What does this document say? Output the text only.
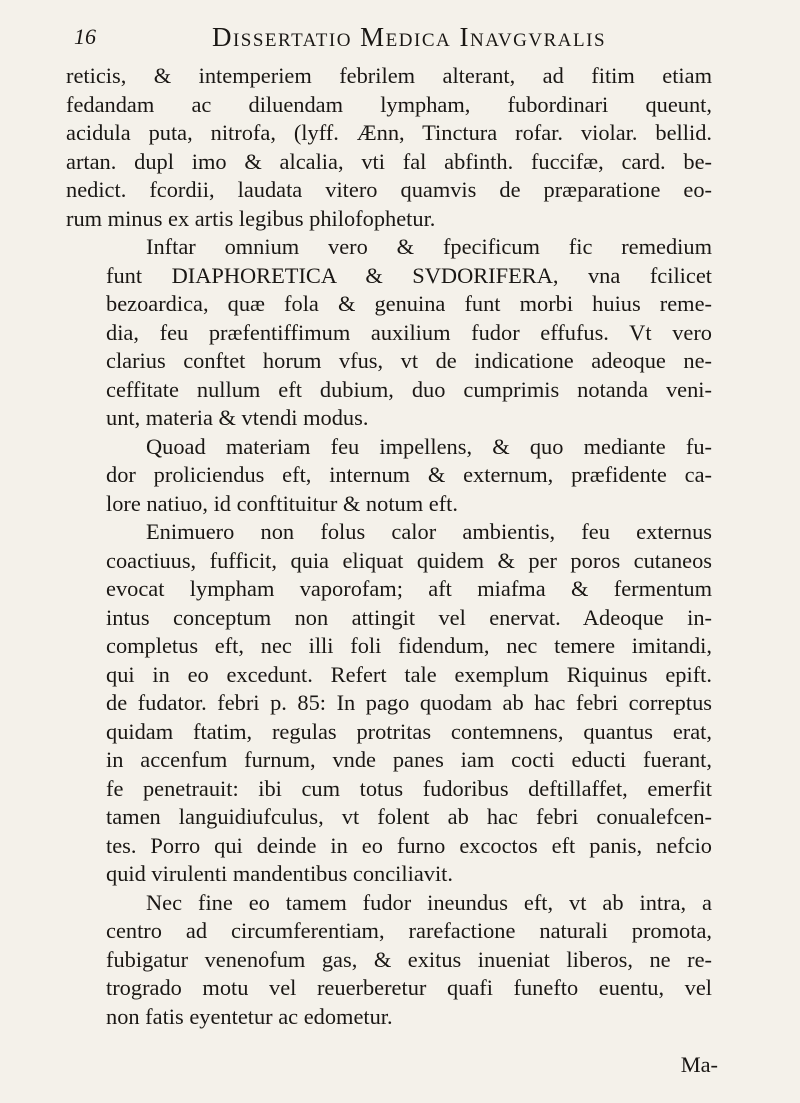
16	Dissertatio Medica Inavgvralis
reticis, & intemperiem febrilem alterant, ad fitim etiam
fedandam ac diluendam lympham, fubordinari queunt,
acidula puta, nitrofa, (lyff. Ænn, Tinctura rofar. violar. bellid.
artan. dupl imo & alcalia, vti fal abfinth. fuccifæ, card. be-
nedict. fcordii, laudata vitero quamvis de præparatione eo-
rum minus ex artis legibus philofophetur.
Inftar omnium vero & fpecificum fic remedium
funt DIAPHORETICA & SVDORIFERA, vna fcilicet
bezoardica, quæ fola & genuina funt morbi huius reme-
dia, feu præfentiffimum auxilium fudor effufus. Vt vero
clarius conftet horum vfus, vt de indicatione adeoque ne-
ceffitate nullum eft dubium, duo cumprimis notanda veni-
unt, materia & vtendi modus.
Quoad materiam feu impellens, & quo mediante fu-
dor proliciendus eft, internum & externum, præfidente ca-
lore natiuo, id conftituitur & notum eft.
Enimuero non folus calor ambientis, feu externus
coactiuus, fufficit, quia eliquat quidem & per poros cutaneos
evocat lympham vaporofam; aft miafma & fermentum
intus conceptum non attingit vel enervat. Adeoque in-
completus eft, nec illi foli fidendum, nec temere imitandi,
qui in eo excedunt. Refert tale exemplum Riquinus epift.
de fudator. febri p. 85: In pago quodam ab hac febri correptus
quidam ftatim, regulas protritas contemnens, quantus erat,
in accenfum furnum, vnde panes iam cocti educti fuerant,
fe penetrauit: ibi cum totus fudoribus deftillaffet, emerfit
tamen languidiufculus, vt folent ab hac febri conualefcen-
tes. Porro qui deinde in eo furno excoctos eft panis, nefcio
quid virulenti mandentibus conciliavit.
Nec fine eo tamem fudor ineundus eft, vt ab intra, a
centro ad circumferentiam, rarefactione naturali promota,
fubigatur venenofum gas, & exitus inueniat liberos, ne re-
trogrado motu vel reuerberetur quafi funefto euentu, vel
non fatis eyentetur ac edometur.
Ma-
